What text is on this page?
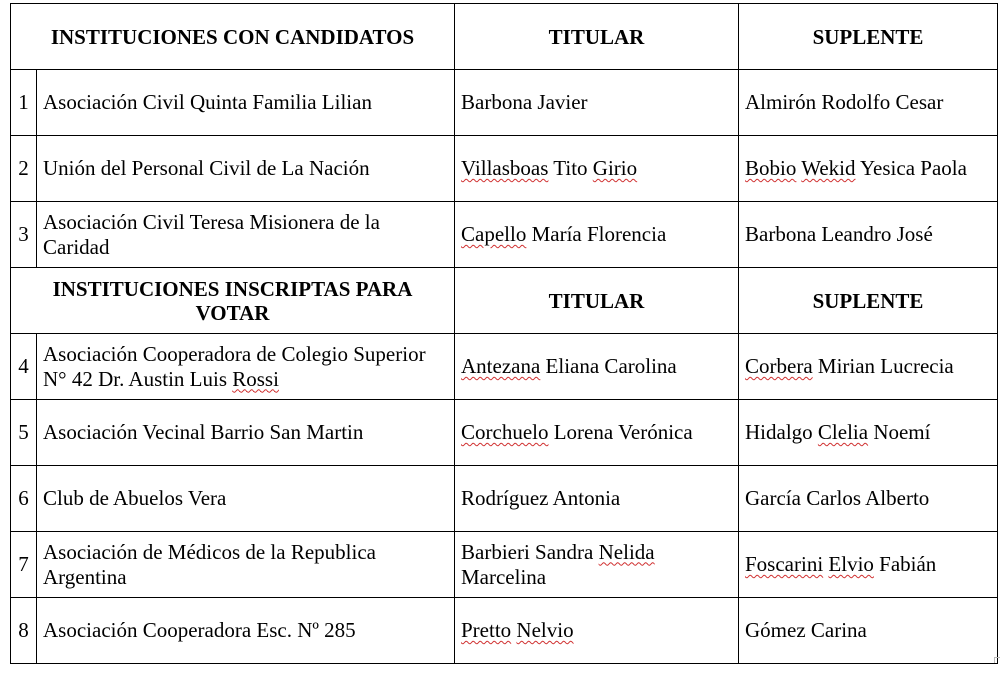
INSTITUCIONES CON CANDIDATOS		TITULAR	SUPLENTE
1	Asociación Civil Quinta Familia Lilian	Barbona Javier	Almirón Rodolfo Cesar
2	Unión del Personal Civil de La Nación	Villasboas Tito Girio	Bobio Wekid Yesica Paola
3	Asociación Civil Teresa Misionera de la Caridad	Capello María Florencia	Barbona Leandro José
INSTITUCIONES INSCRIPTAS PARA VOTAR		TITULAR	SUPLENTE
4	Asociación Cooperadora de Colegio Superior N° 42 Dr. Austin Luis Rossi	Antezana Eliana Carolina	Corbera Mirian Lucrecia
5	Asociación Vecinal Barrio San Martin	Corchuelo Lorena Verónica	Hidalgo Clelia Noemí
6	Club de Abuelos Vera	Rodríguez Antonia	García Carlos Alberto
7	Asociación de Médicos de la Republica Argentina	Barbieri Sandra Nelida Marcelina	Foscarini Elvio Fabián
8	Asociación Cooperadora Esc. Nº 285	Pretto Nelvio	Gómez Carina
